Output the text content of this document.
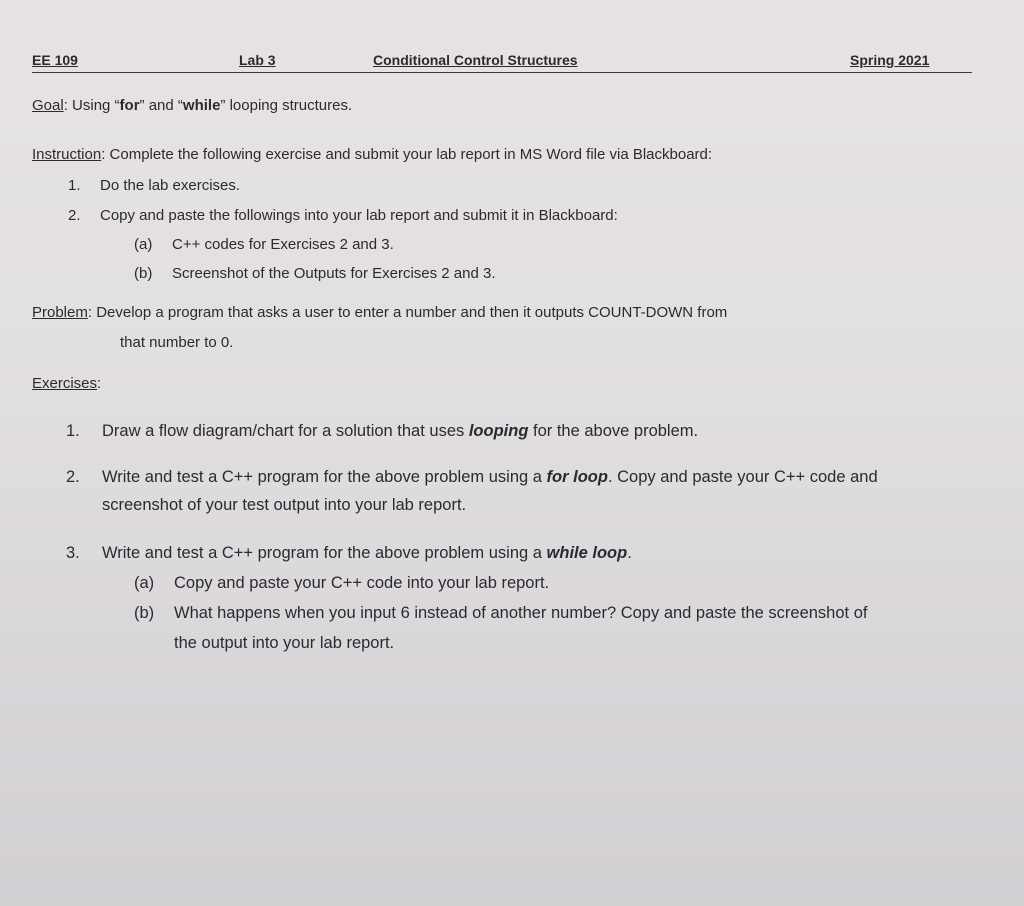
EE 109	Lab 3	Conditional Control Structures	Spring 2021
Goal: Using “for” and “while” looping structures.
Instruction: Complete the following exercise and submit your lab report in MS Word file via Blackboard:
1. Do the lab exercises.
2. Copy and paste the followings into your lab report and submit it in Blackboard:
(a) C++ codes for Exercises 2 and 3.
(b) Screenshot of the Outputs for Exercises 2 and 3.
Problem: Develop a program that asks a user to enter a number and then it outputs COUNT-DOWN from
that number to 0.
Exercises:
1. Draw a flow diagram/chart for a solution that uses looping for the above problem.
2. Write and test a C++ program for the above problem using a for loop. Copy and paste your C++ code and
screenshot of your test output into your lab report.
3. Write and test a C++ program for the above problem using a while loop.
(a) Copy and paste your C++ code into your lab report.
(b) What happens when you input 6 instead of another number? Copy and paste the screenshot of
the output into your lab report.
